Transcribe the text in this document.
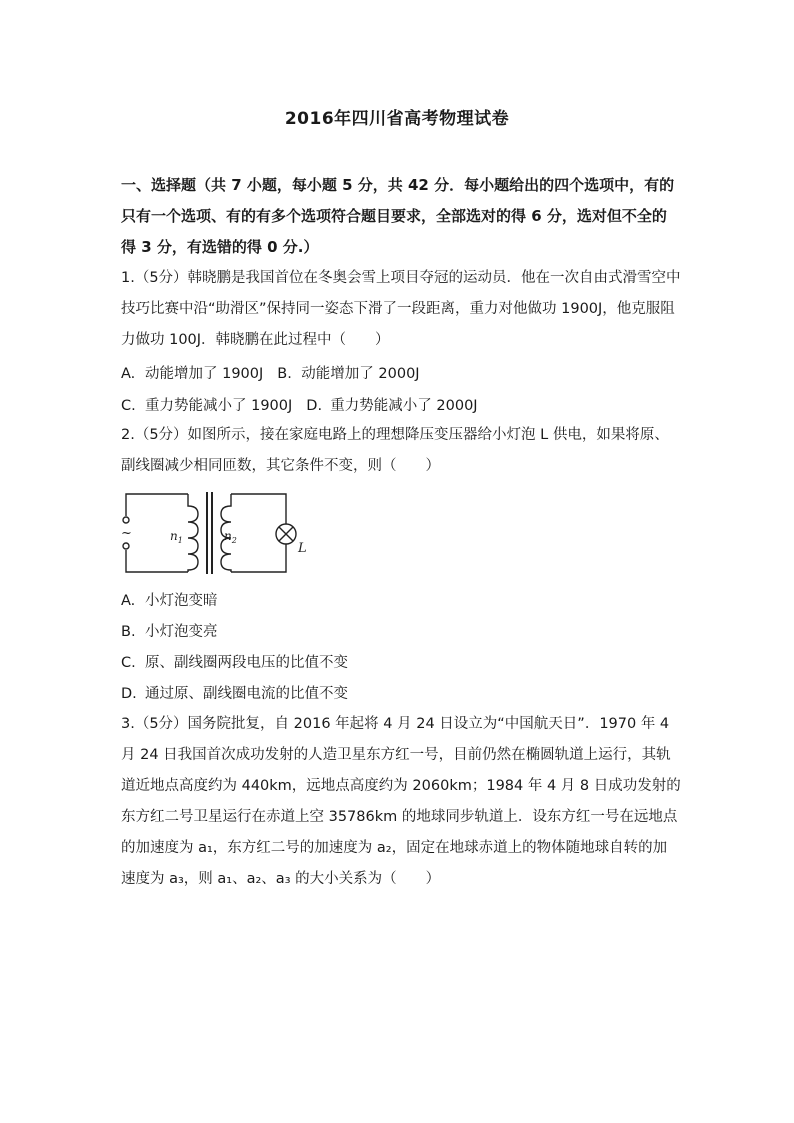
2016年四川省高考物理试卷
一、选择题（共 7 小题，每小题 5 分，共 42 分．每小题给出的四个选项中，有的只有一个选项、有的有多个选项符合题目要求，全部选对的得 6 分，选对但不全的得 3 分，有选错的得 0 分.）
1.（5分）韩晓鹏是我国首位在冬奥会雪上项目夺冠的运动员．他在一次自由式滑雪空中技巧比赛中沿“助滑区”保持同一姿态下滑了一段距离，重力对他做功 1900J，他克服阻力做功 100J．韩晓鹏在此过程中（　　）
A. 动能增加了 1900J B. 动能增加了 2000J
C. 重力势能减小了 1900J D. 重力势能减小了 2000J
2.（5分）如图所示，接在家庭电路上的理想降压变压器给小灯泡 L 供电，如果将原、副线圈减少相同匝数，其它条件不变，则（　　）
~	$n_1$	$n_2$
L
A. 小灯泡变暗
B. 小灯泡变亮
C. 原、副线圈两段电压的比值不变
D. 通过原、副线圈电流的比值不变
3.（5分）国务院批复，自 2016 年起将 4 月 24 日设立为“中国航天日”．1970 年 4 月 24 日我国首次成功发射的人造卫星东方红一号，目前仍然在椭圆轨道上运行，其轨道近地点高度约为 440km，远地点高度约为 2060km；1984 年 4 月 8 日成功发射的东方红二号卫星运行在赤道上空 35786km 的地球同步轨道上．设东方红一号在远地点的加速度为 a₁，东方红二号的加速度为 a₂，固定在地球赤道上的物体随地球自转的加速度为 a₃，则 a₁、a₂、a₃ 的大小关系为（　　）
